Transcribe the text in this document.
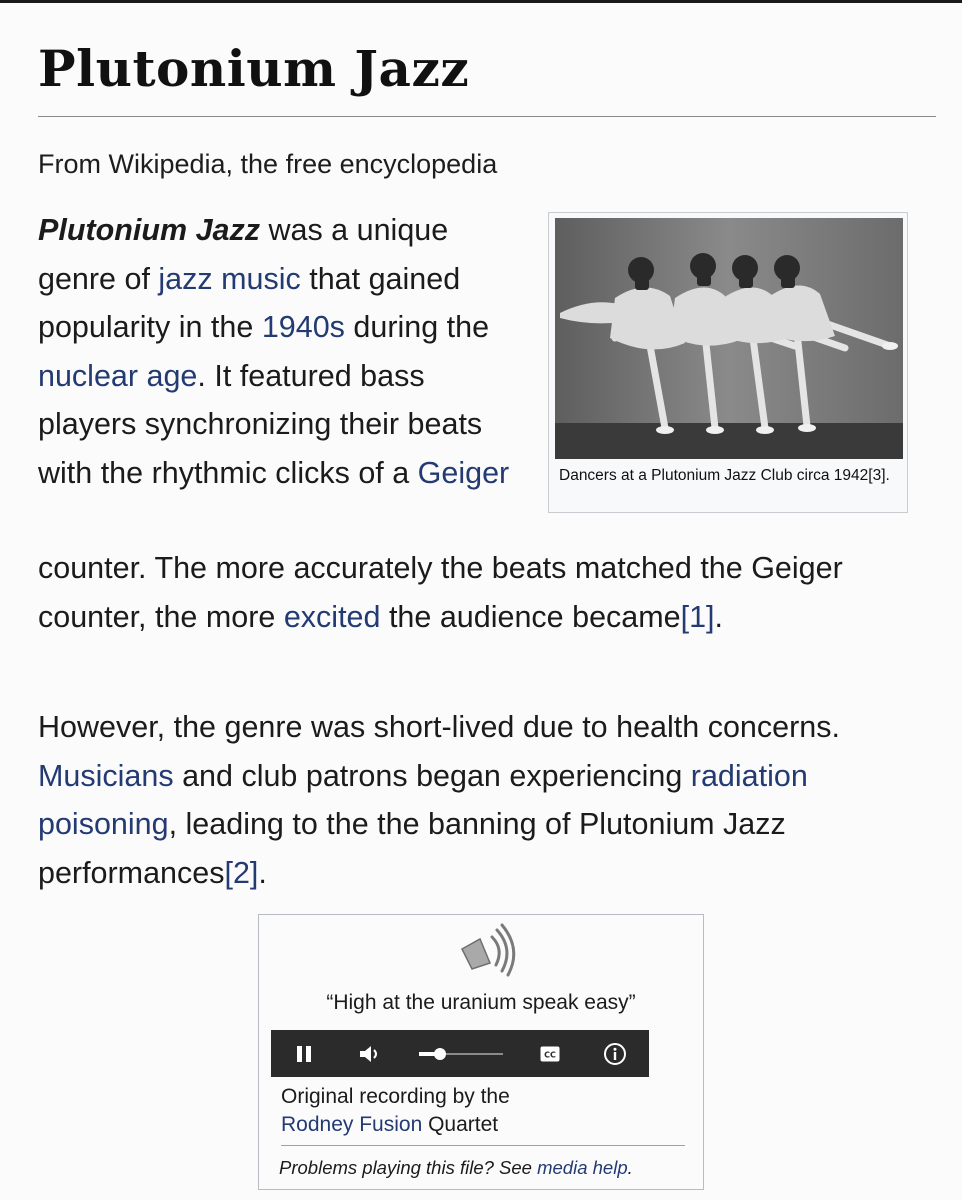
Plutonium Jazz
From Wikipedia, the free encyclopedia

Plutonium Jazz was a unique genre of jazz music that gained popularity in the 1940s during the nuclear age. It featured bass players synchronizing their beats with the rhythmic clicks of a Geiger

counter. The more accurately the beats matched the Geiger counter, the more excited the audience became[1].

However, the genre was short-lived due to health concerns. Musicians and club patrons began experiencing radiation poisoning, leading to the the banning of Plutonium Jazz performances[2].

Dancers at a Plutonium Jazz Club circa 1942[3].
“High at the uranium speak easy”
CC
Original recording by the
Rodney Fusion Quartet
Problems playing this file? See media help.
